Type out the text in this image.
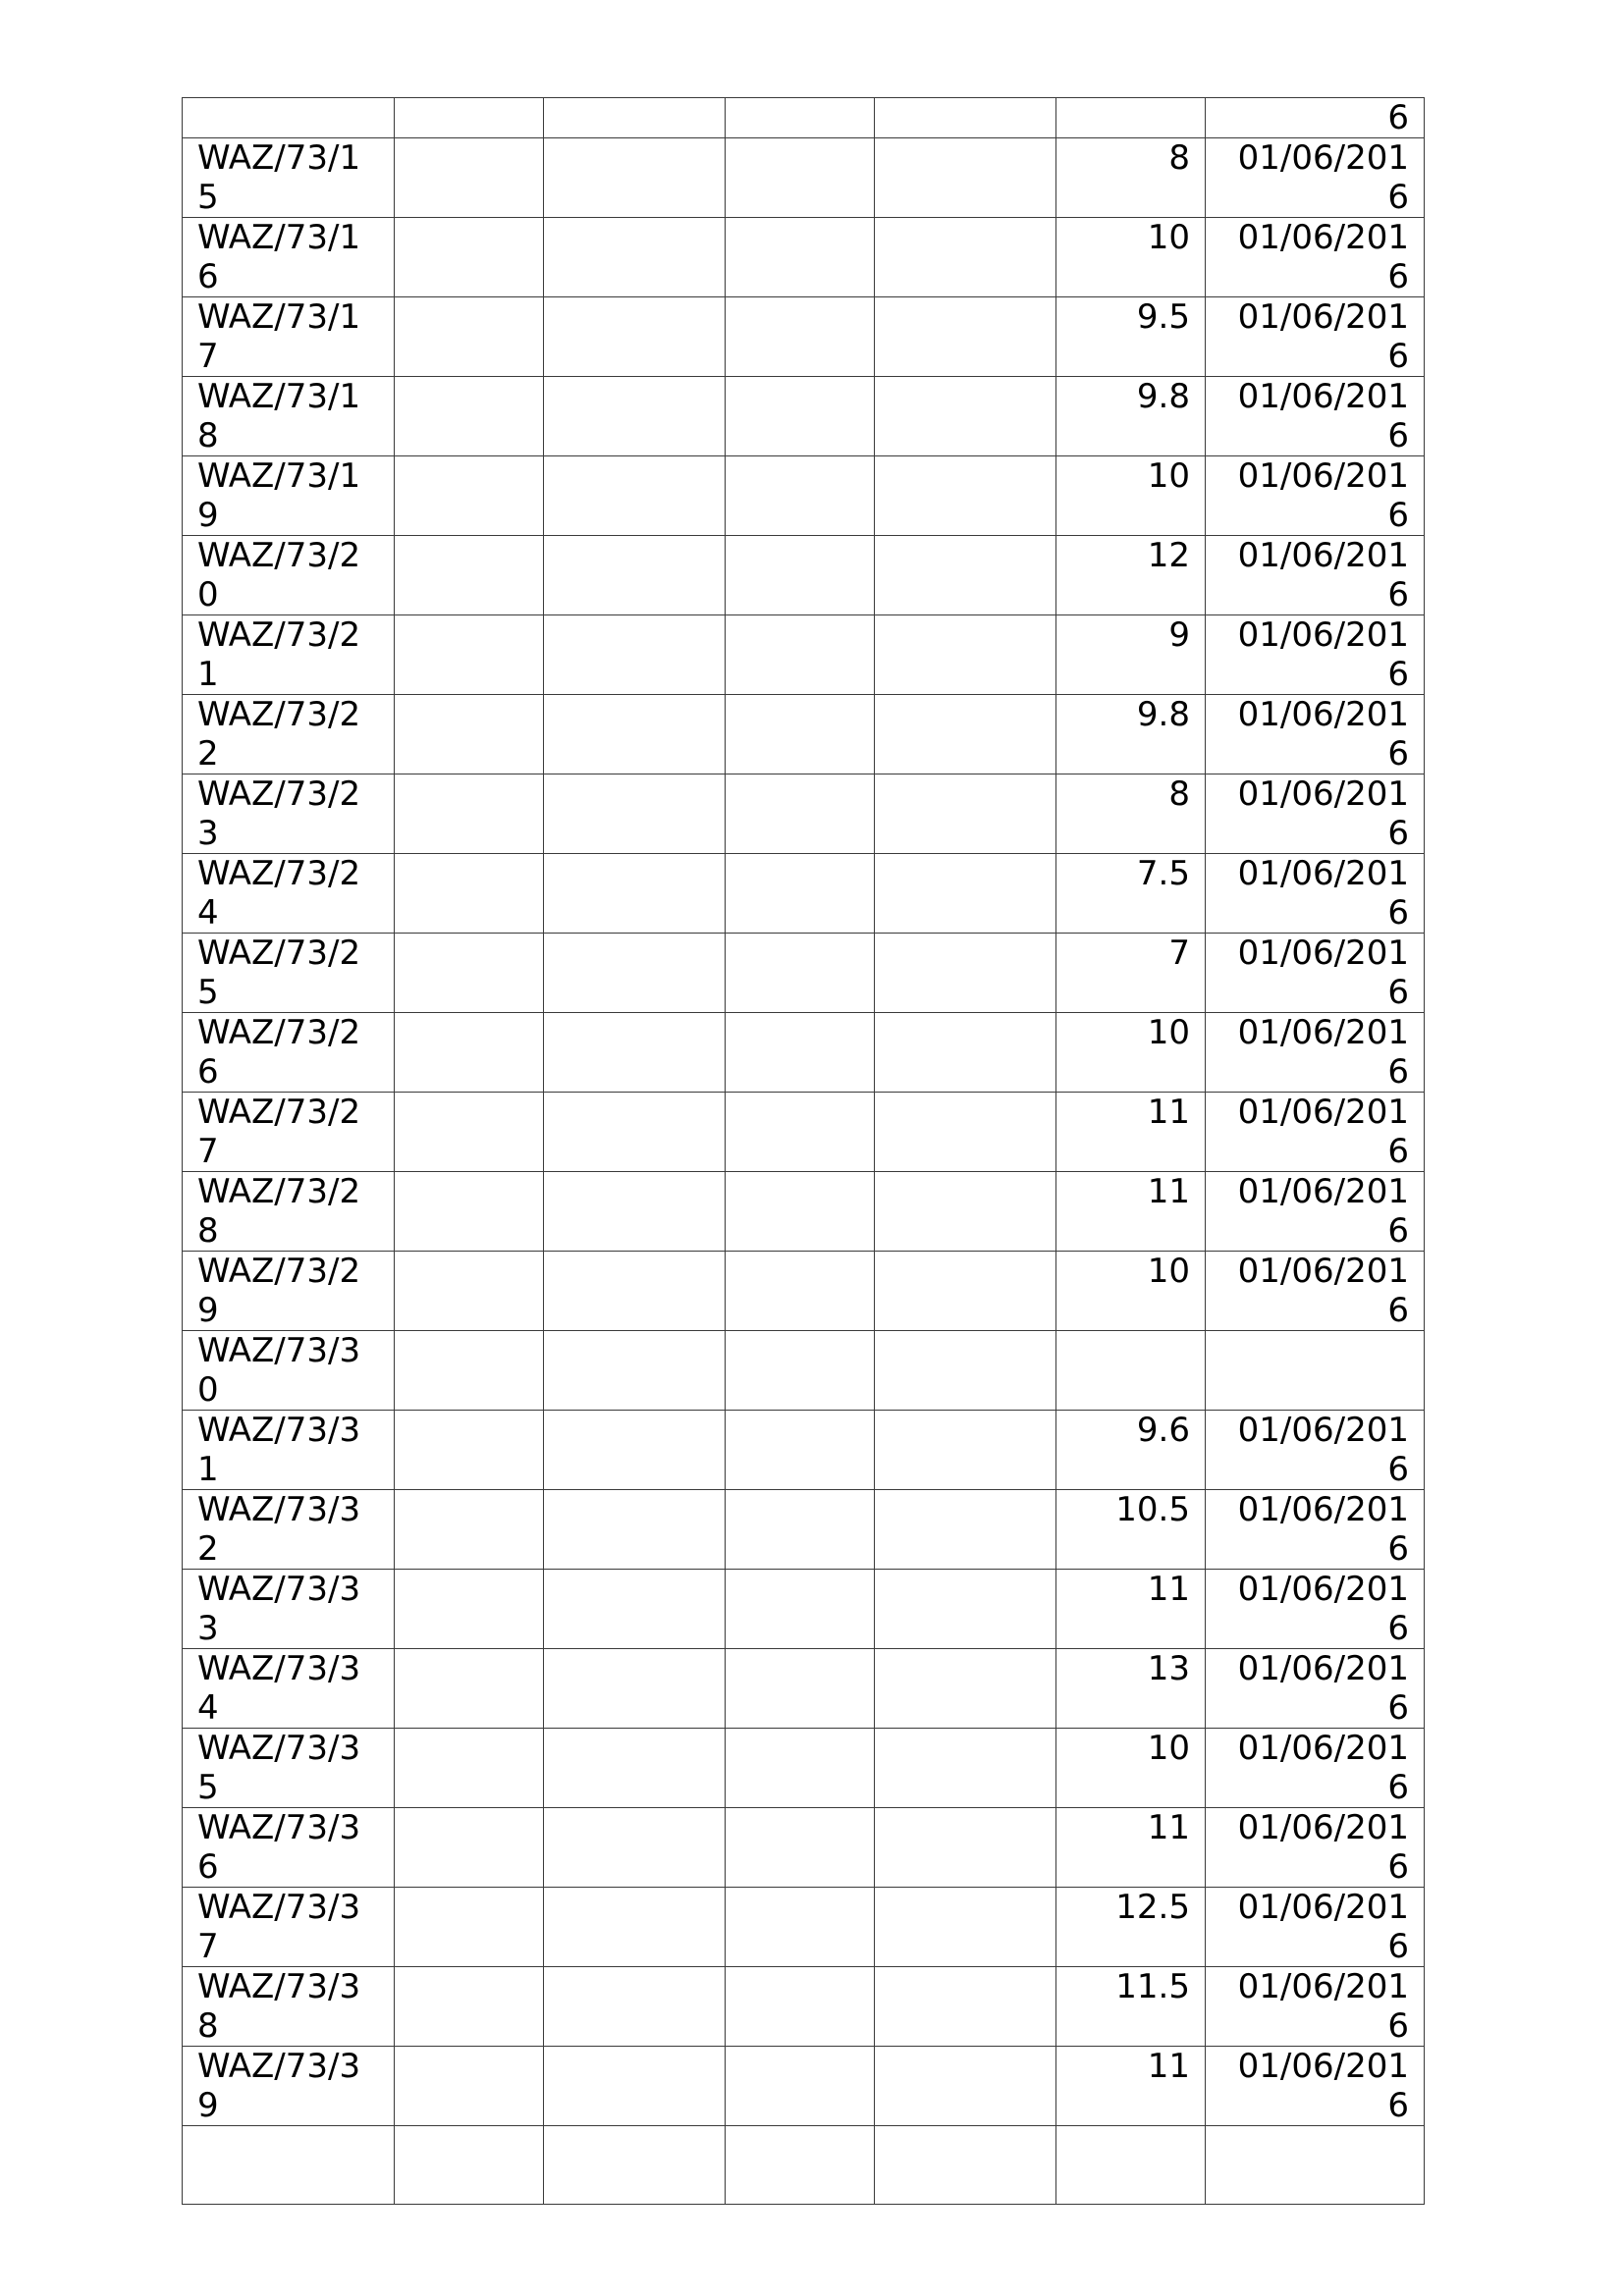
						6
WAZ/73/15					8	01/06/2016
WAZ/73/16					10	01/06/2016
WAZ/73/17					9.5	01/06/2016
WAZ/73/18					9.8	01/06/2016
WAZ/73/19					10	01/06/2016
WAZ/73/20					12	01/06/2016
WAZ/73/21					9	01/06/2016
WAZ/73/22					9.8	01/06/2016
WAZ/73/23					8	01/06/2016
WAZ/73/24					7.5	01/06/2016
WAZ/73/25					7	01/06/2016
WAZ/73/26					10	01/06/2016
WAZ/73/27					11	01/06/2016
WAZ/73/28					11	01/06/2016
WAZ/73/29					10	01/06/2016
WAZ/73/30						
WAZ/73/31					9.6	01/06/2016
WAZ/73/32					10.5	01/06/2016
WAZ/73/33					11	01/06/2016
WAZ/73/34					13	01/06/2016
WAZ/73/35					10	01/06/2016
WAZ/73/36					11	01/06/2016
WAZ/73/37					12.5	01/06/2016
WAZ/73/38					11.5	01/06/2016
WAZ/73/39					11	01/06/2016
